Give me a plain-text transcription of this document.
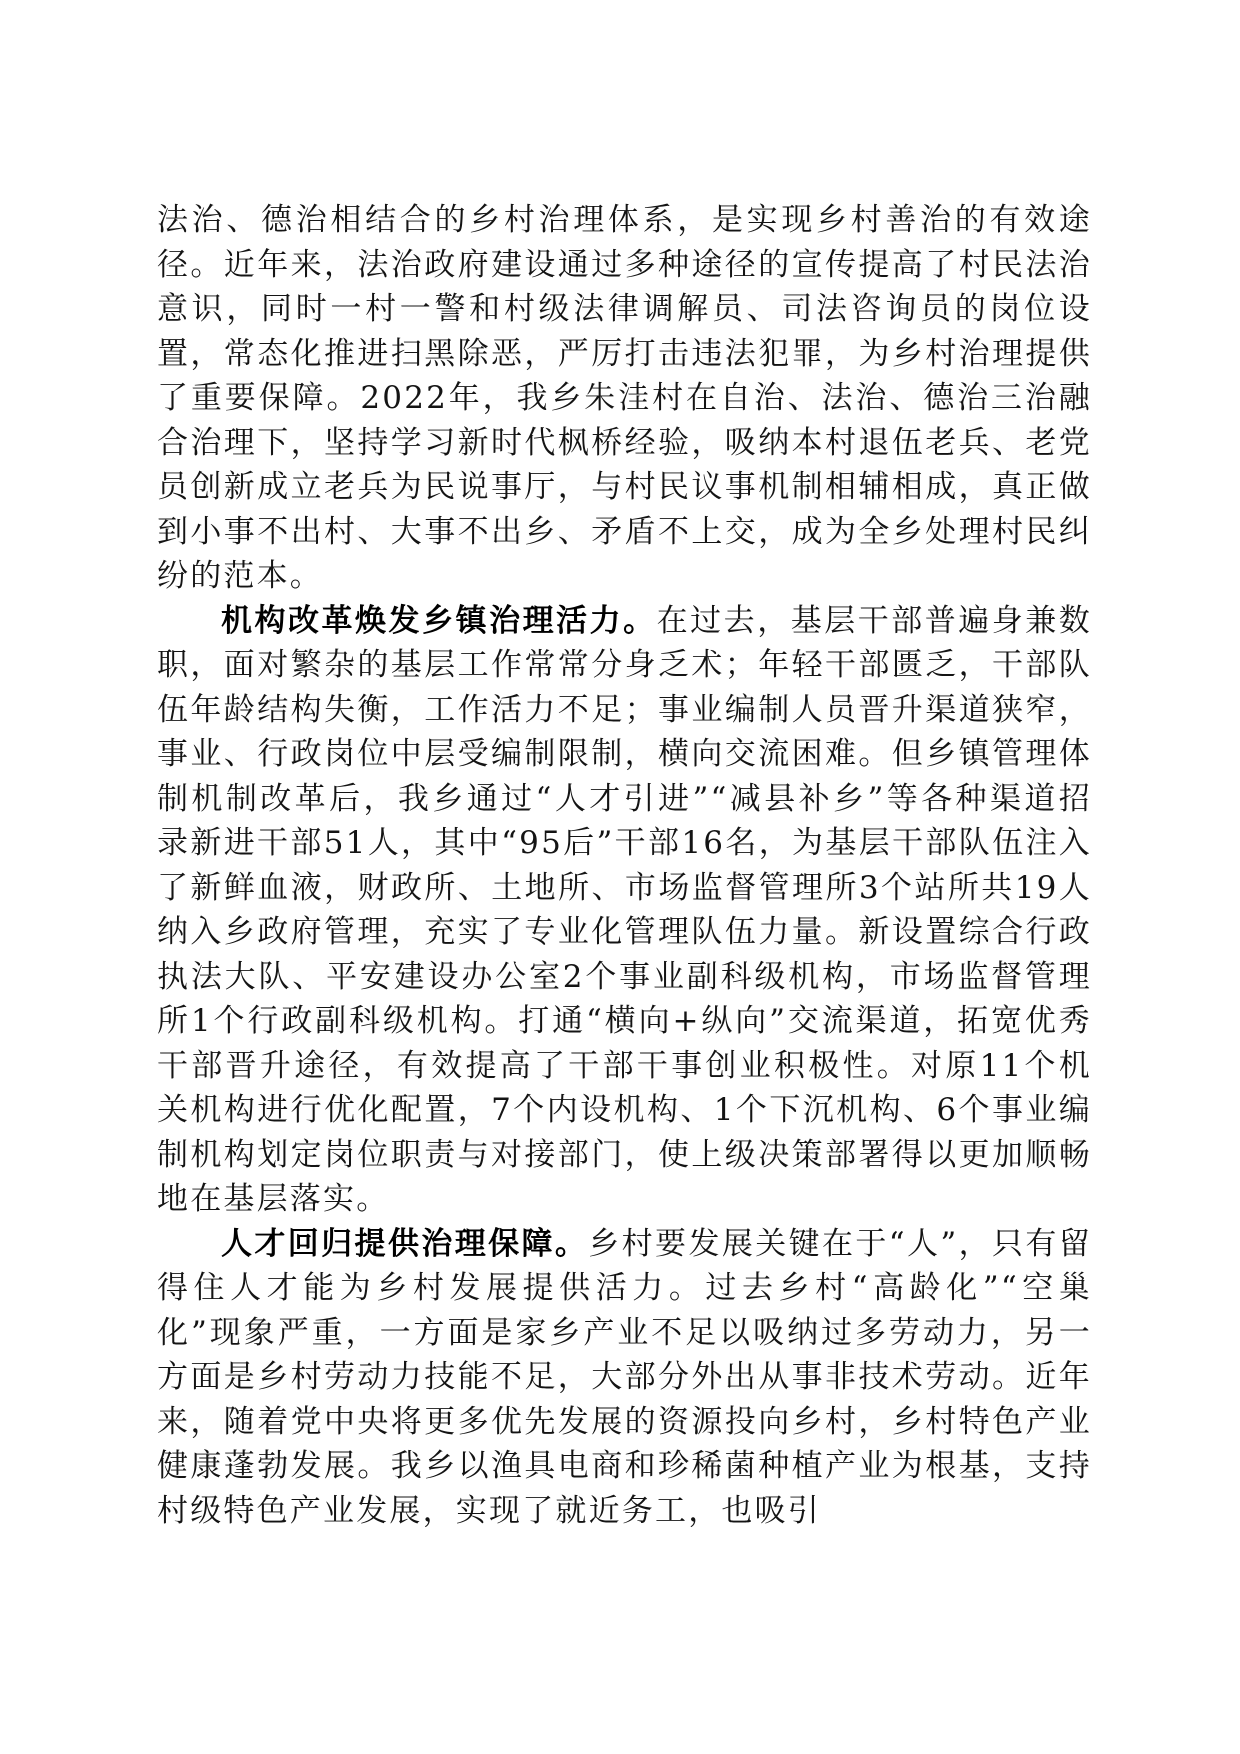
法治、德治相结合的乡村治理体系，是实现乡村善治的有效途径。近年来，法治政府建设通过多种途径的宣传提高了村民法治意识，同时一村一警和村级法律调解员、司法咨询员的岗位设置，常态化推进扫黑除恶，严厉打击违法犯罪，为乡村治理提供了重要保障。2022年，我乡朱洼村在自治、法治、德治三治融合治理下，坚持学习新时代枫桥经验，吸纳本村退伍老兵、老党员创新成立老兵为民说事厅，与村民议事机制相辅相成，真正做到小事不出村、大事不出乡、矛盾不上交，成为全乡处理村民纠纷的范本。

机构改革焕发乡镇治理活力。在过去，基层干部普遍身兼数职，面对繁杂的基层工作常常分身乏术；年轻干部匮乏，干部队伍年龄结构失衡，工作活力不足；事业编制人员晋升渠道狭窄，事业、行政岗位中层受编制限制，横向交流困难。但乡镇管理体制机制改革后，我乡通过“人才引进”“减县补乡”等各种渠道招录新进干部51人，其中“95后”干部16名，为基层干部队伍注入了新鲜血液，财政所、土地所、市场监督管理所3个站所共19人纳入乡政府管理，充实了专业化管理队伍力量。新设置综合行政执法大队、平安建设办公室2个事业副科级机构，市场监督管理所1个行政副科级机构。打通“横向+纵向”交流渠道，拓宽优秀干部晋升途径，有效提高了干部干事创业积极性。对原11个机关机构进行优化配置，7个内设机构、1个下沉机构、6个事业编制机构划定岗位职责与对接部门，使上级决策部署得以更加顺畅地在基层落实。

人才回归提供治理保障。乡村要发展关键在于“人”，只有留得住人才能为乡村发展提供活力。过去乡村“高龄化”“空巢化”现象严重，一方面是家乡产业不足以吸纳过多劳动力，另一方面是乡村劳动力技能不足，大部分外出从事非技术劳动。近年来，随着党中央将更多优先发展的资源投向乡村，乡村特色产业健康蓬勃发展。我乡以渔具电商和珍稀菌种植产业为根基，支持村级特色产业发展，实现了就近务工，也吸引
